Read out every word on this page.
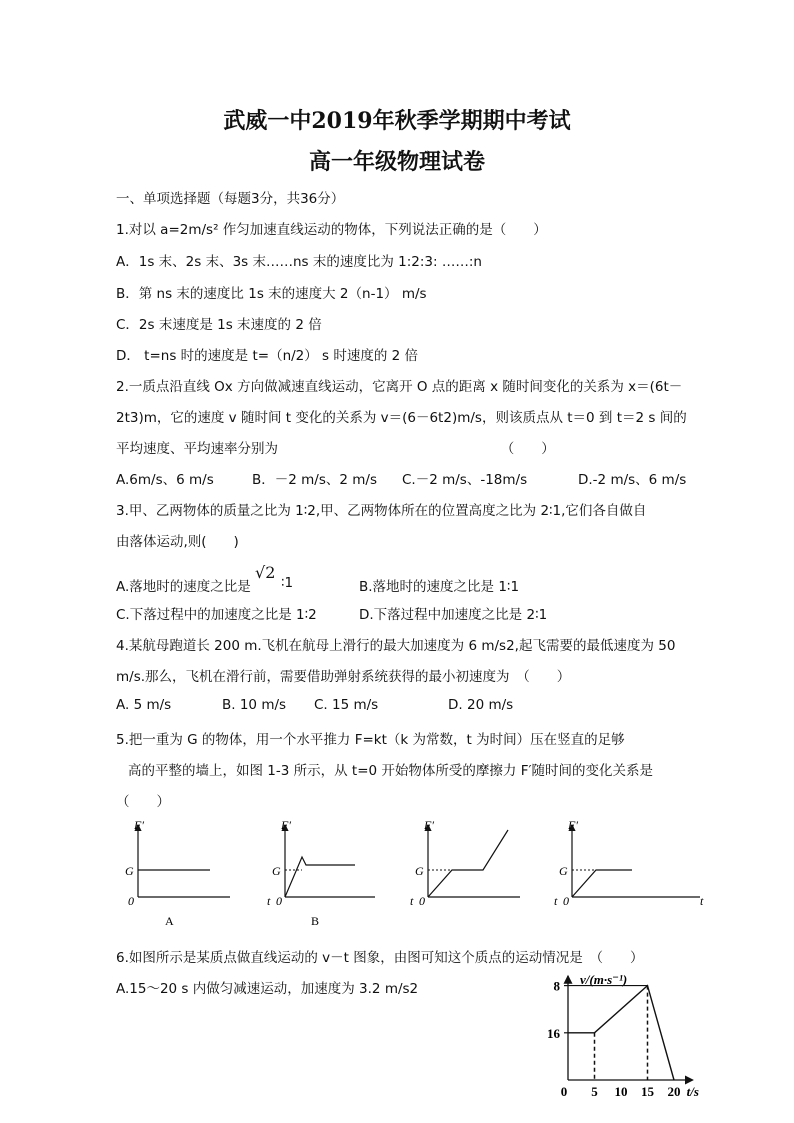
武威一中2019年秋季学期期中考试
高一年级物理试卷
一、单项选择题（每题3分，共36分）
1.对以 a=2m/s² 作匀加速直线运动的物体，下列说法正确的是（　　）
A．1s 末、2s 末、3s 末……ns 末的速度比为 1:2:3: ……:n
B．第 ns 末的速度比 1s 末的速度大 2（n-1） m/s
C．2s 末速度是 1s 末速度的 2 倍
D． t=ns 时的速度是 t=（n/2） s 时速度的 2 倍
2.一质点沿直线 Ox 方向做减速直线运动，它离开 O 点的距离 x 随时间变化的关系为 x＝(6t－
2t3)m，它的速度 v 随时间 t 变化的关系为 v＝(6－6t2)m/s，则该质点从 t＝0 到 t＝2 s 间的
平均速度、平均速率分别为　　　　　　　　　　　　　　　　　（　　）
A.6m/s、6 m/s	B．－2 m/s、2 m/s C.－2 m/s、-18m/s	D.-2 m/s、6 m/s
3.甲、乙两物体的质量之比为 1∶2,甲、乙两物体所在的位置高度之比为 2∶1,它们各自做自
由落体运动,则(　　)
A.落地时的速度之比是
√2
∶1	B.落地时的速度之比是 1∶1
C.下落过程中的加速度之比是 1∶2	D.下落过程中加速度之比是 2∶1
4.某航母跑道长 200 m.飞机在航母上滑行的最大加速度为 6 m/s2,起飞需要的最低速度为 50
m/s.那么，飞机在滑行前，需要借助弹射系统获得的最小初速度为　（　　）
A. 5 m/s	B. 10 m/s C. 15 m/s	D. 20 m/s
5.把一重为 G 的物体，用一个水平推力 F=kt（k 为常数，t 为时间）压在竖直的足够
高的平整的墙上，如图 1-3 所示，从 t=0 开始物体所受的摩擦力 F′随时间的变化关系是
（　　）
F′
G
0
A
F′
G
t 0
B
F′
G
t 0
F′
G
t 0	t
6.如图所示是某质点做直线运动的 v－t 图象，由图可知这个质点的运动情况是　（　　）
A.15～20 s 内做匀减速运动，加速度为 3.2 m/s2
v/(m·s⁻¹)
t/s
16
8
0 5 10 15 20
